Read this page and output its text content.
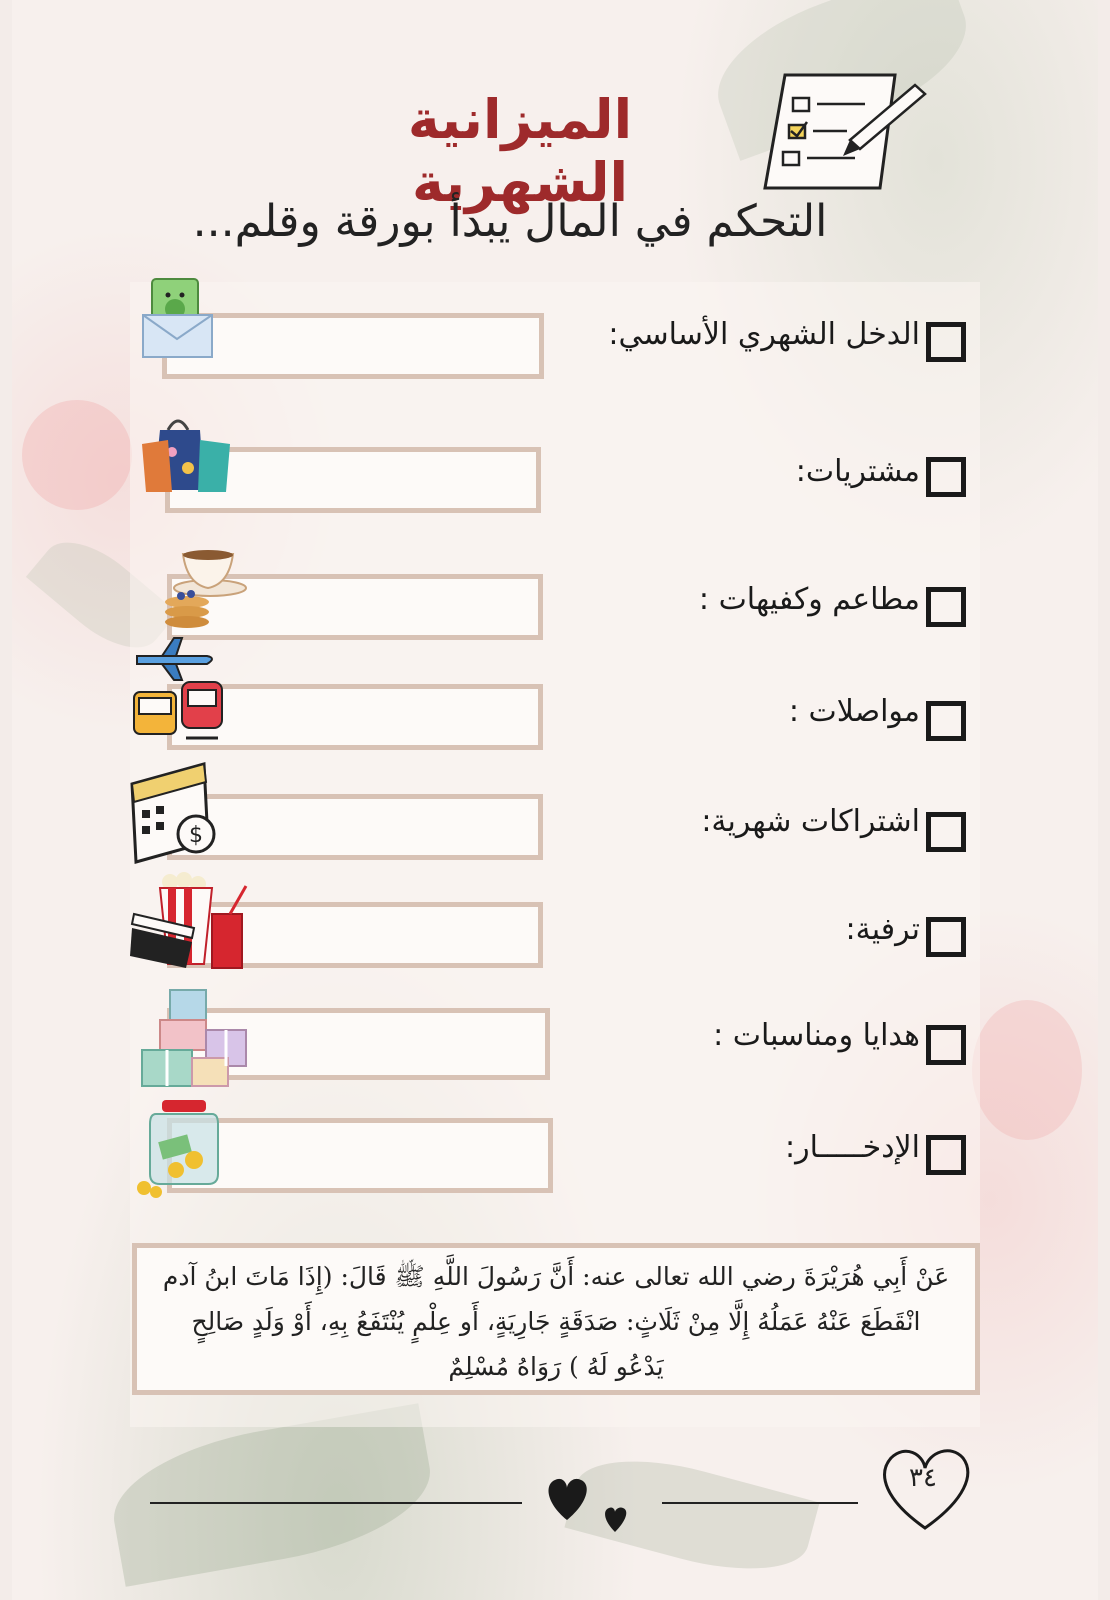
الميزانية الشهرية
التحكم في المال يبدأ بورقة وقلم...
الدخل الشهري الأساسي:
مشتريات:
مطاعم وكفيهات :
مواصلات :
اشتراكات شهرية:
$
ترفية:
هدايا ومناسبات :
الإدخـــــار:
عَنْ أَبِي هُرَيْرَةَ رضي الله تعالى عنه: أَنَّ رَسُولَ اللَّهِ ﷺ قَالَ: (إِذَا مَاتَ ابنُ آدم
انْقَطَعَ عَنْهُ عَمَلُهُ إِلَّا مِنْ ثَلَاثٍ: صَدَقَةٍ جَارِيَةٍ، أَو عِلْمٍ يُنْتَفَعُ بِهِ، أَوْ وَلَدٍ صَالِحٍ
يَدْعُو لَهُ ) رَوَاهُ مُسْلِمٌ
٣٤
